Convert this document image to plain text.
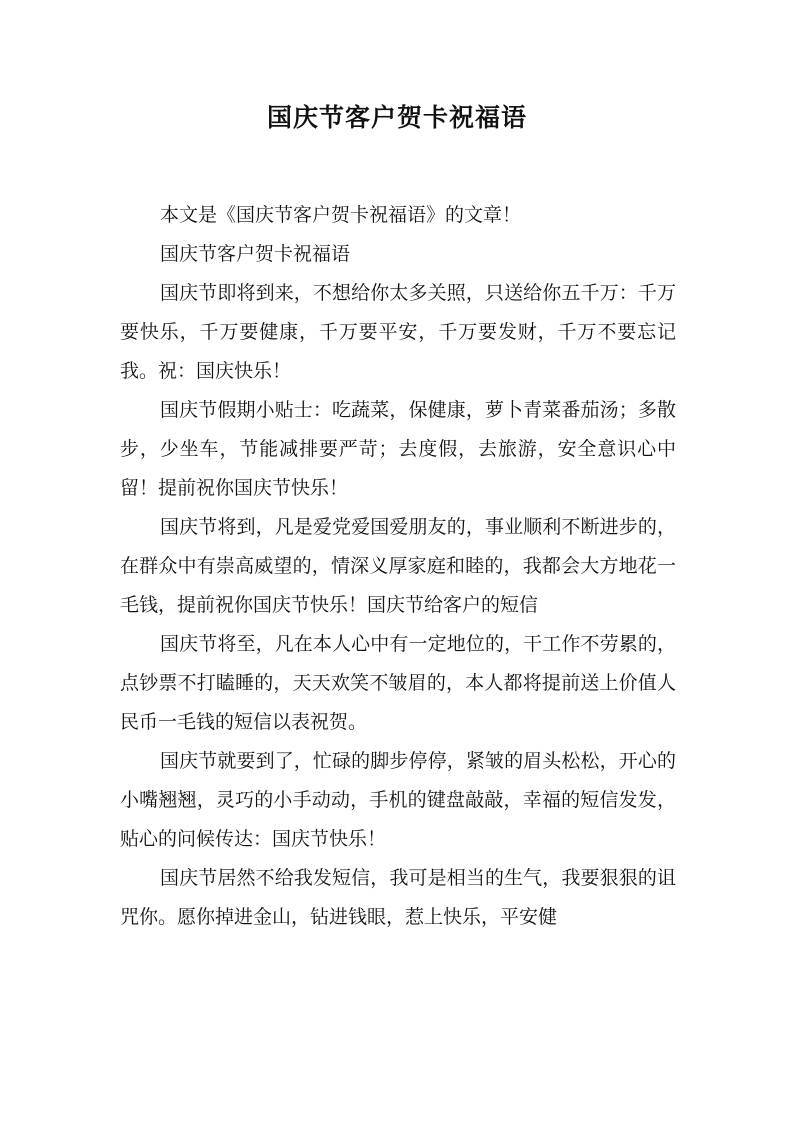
国庆节客户贺卡祝福语

本文是《国庆节客户贺卡祝福语》的文章！

国庆节客户贺卡祝福语

国庆节即将到来，不想给你太多关照，只送给你五千万：千万要快乐，千万要健康，千万要平安，千万要发财，千万不要忘记我。祝：国庆快乐！

国庆节假期小贴士：吃蔬菜，保健康，萝卜青菜番茄汤；多散步，少坐车，节能减排要严苛；去度假，去旅游，安全意识心中留！提前祝你国庆节快乐！

国庆节将到，凡是爱党爱国爱朋友的，事业顺利不断进步的，在群众中有崇高威望的，情深义厚家庭和睦的，我都会大方地花一毛钱，提前祝你国庆节快乐！国庆节给客户的短信

国庆节将至，凡在本人心中有一定地位的，干工作不劳累的，点钞票不打瞌睡的，天天欢笑不皱眉的，本人都将提前送上价值人民币一毛钱的短信以表祝贺。

国庆节就要到了，忙碌的脚步停停，紧皱的眉头松松，开心的小嘴翘翘，灵巧的小手动动，手机的键盘敲敲，幸福的短信发发，贴心的问候传达：国庆节快乐！

国庆节居然不给我发短信，我可是相当的生气，我要狠狠的诅咒你。愿你掉进金山，钻进钱眼，惹上快乐，平安健
